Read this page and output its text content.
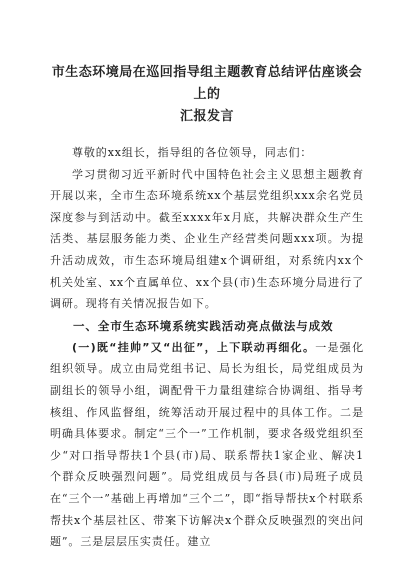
市生态环境局在巡回指导组主题教育总结评估座谈会上的
汇报发言

尊敬的xx组长，指导组的各位领导，同志们：

学习贯彻习近平新时代中国特色社会主义思想主题教育开展以来，全市生态环境系统xx个基层党组织xxx余名党员深度参与到活动中。截至xxxx年x月底，共解决群众生产生活类、基层服务能力类、企业生产经营类问题xxx项。为提升活动成效，市生态环境局组建x个调研组，对系统内xx个机关处室、xx个直属单位、xx个县(市)生态环境分局进行了调研。现将有关情况报告如下。

一、全市生态环境系统实践活动亮点做法与成效

(一)既“挂帅”又“出征”，上下联动再细化。一是强化组织领导。成立由局党组书记、局长为组长，局党组成员为副组长的领导小组，调配骨干力量组建综合协调组、指导考核组、作风监督组，统筹活动开展过程中的具体工作。二是明确具体要求。制定“三个一”工作机制，要求各级党组织至少“对口指导帮扶1个县(市)局、联系帮扶1家企业、解决1个群众反映强烈问题”。局党组成员与各县(市)局班子成员在“三个一”基础上再增加“三个二”，即“指导帮扶x个村联系帮扶x个基层社区、带案下访解决x个群众反映强烈的突出问题”。三是层层压实责任。建立
